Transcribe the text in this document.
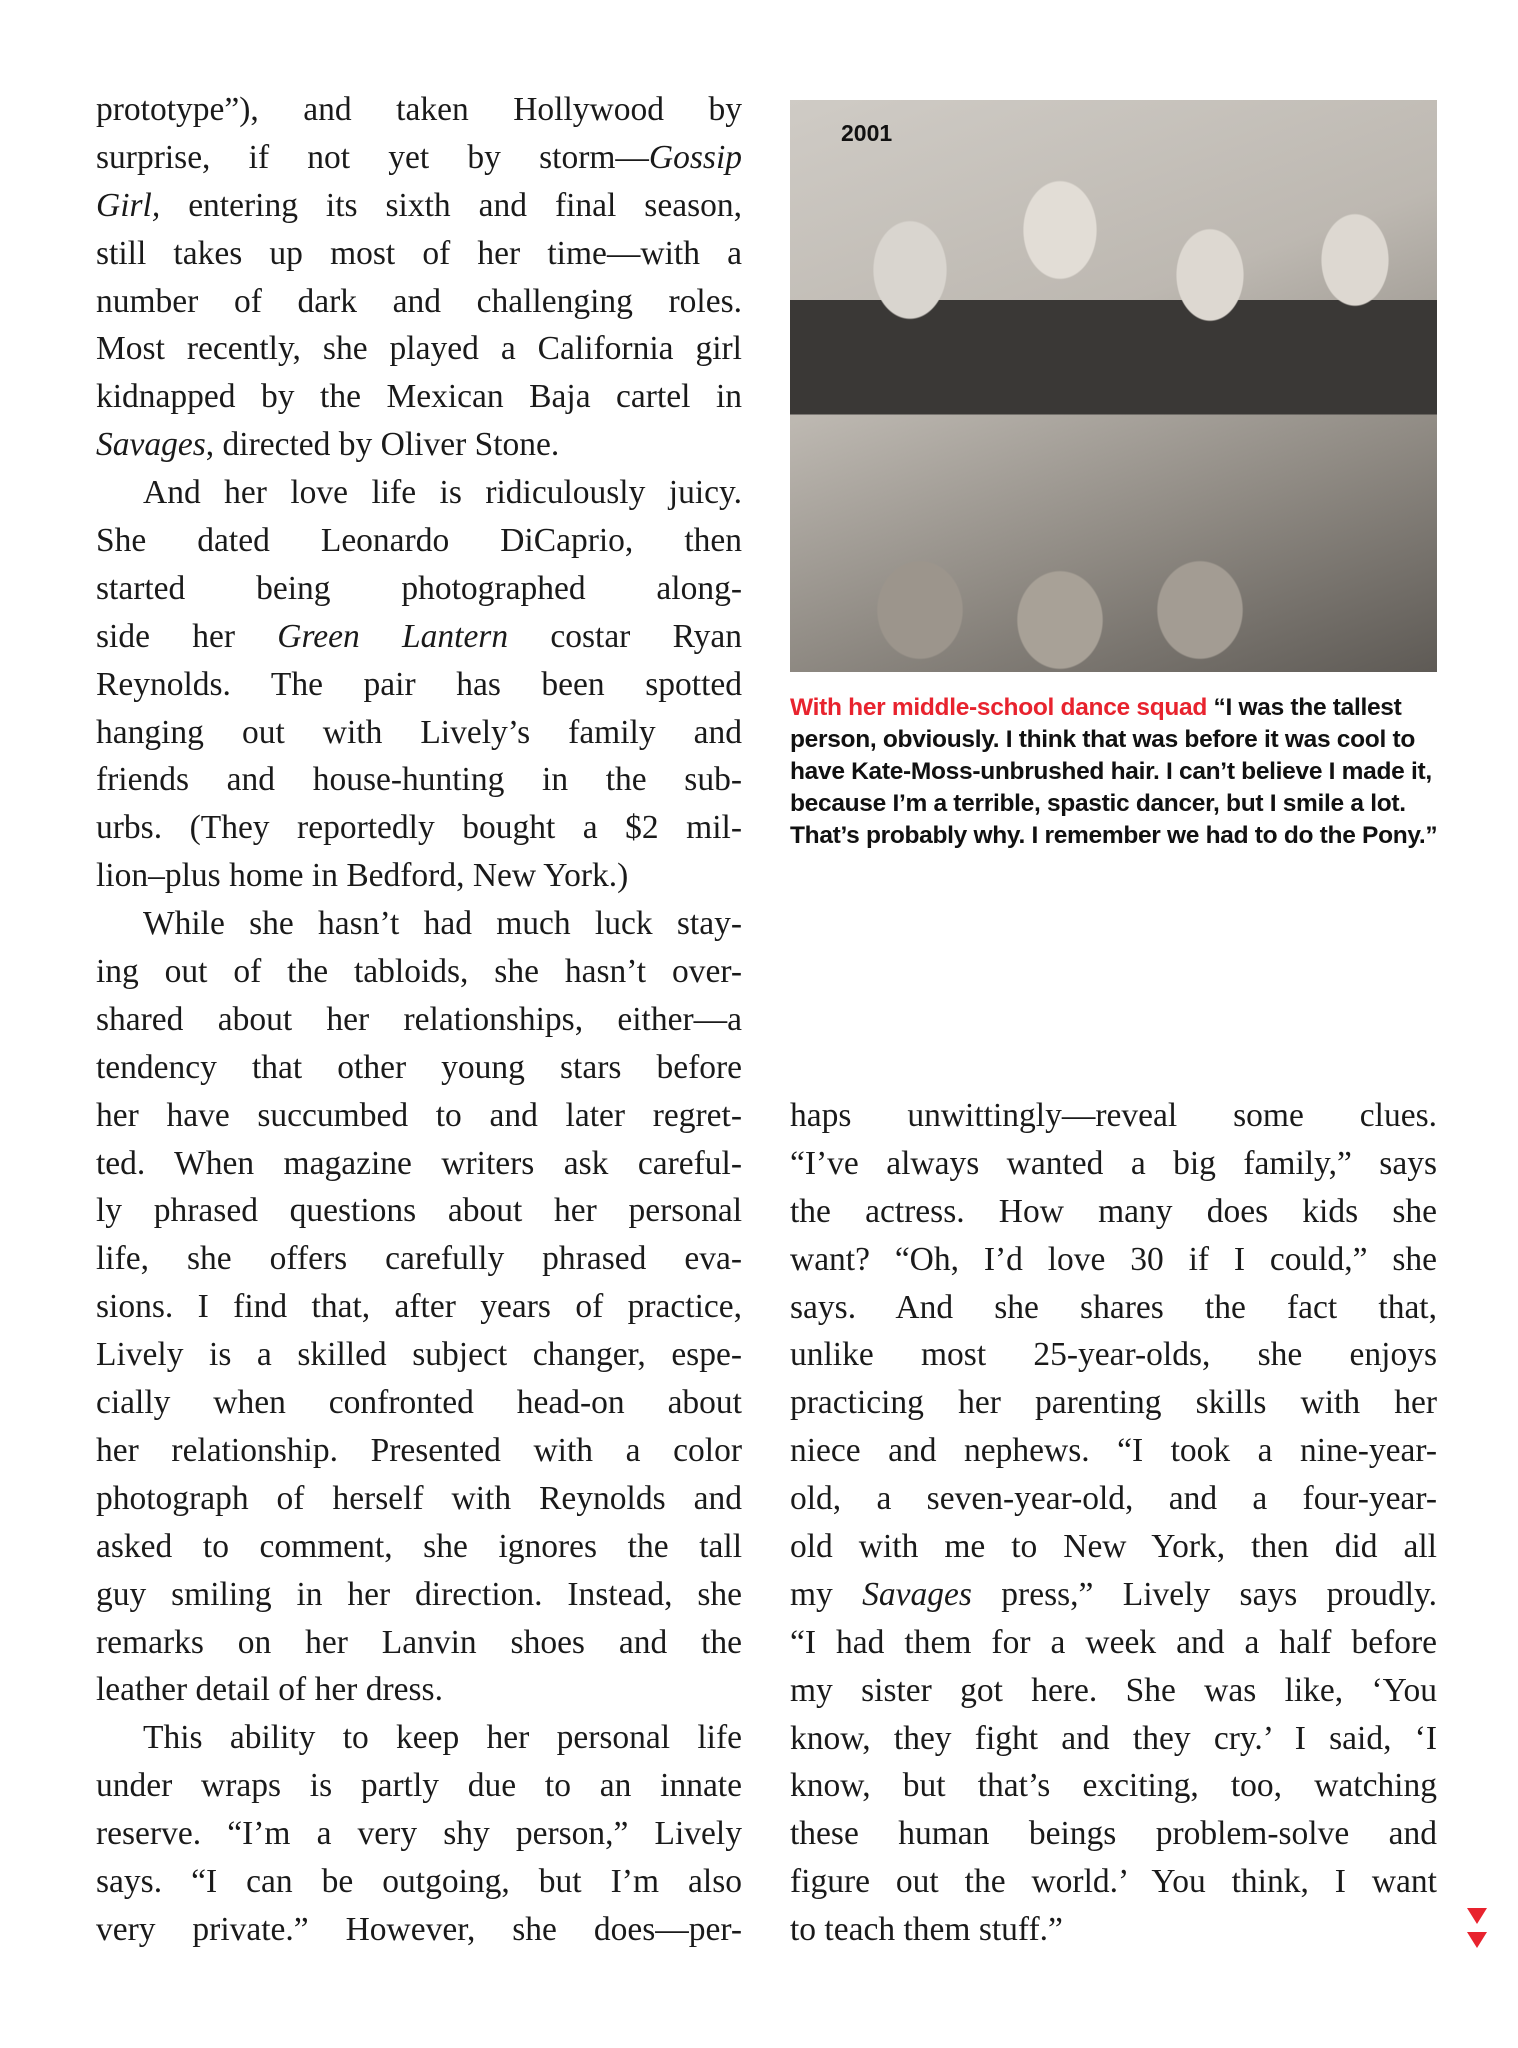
prototype”), and taken Hollywood by
surprise, if not yet by storm—Gossip
Girl, entering its sixth and final season,
still takes up most of her time—with a
number of dark and challenging roles.
Most recently, she played a California girl
kidnapped by the Mexican Baja cartel in
Savages, directed by Oliver Stone.
And her love life is ridiculously juicy.
She dated Leonardo DiCaprio, then
started being photographed along-
side her Green Lantern costar Ryan
Reynolds. The pair has been spotted
hanging out with Lively’s family and
friends and house-hunting in the sub-
urbs. (They reportedly bought a $2 mil-
lion–plus home in Bedford, New York.)
While she hasn’t had much luck stay-
ing out of the tabloids, she hasn’t over-
shared about her relationships, either—a
tendency that other young stars before
her have succumbed to and later regret-
ted. When magazine writers ask careful-
ly phrased questions about her personal
life, she offers carefully phrased eva-
sions. I find that, after years of practice,
Lively is a skilled subject changer, espe-
cially when confronted head-on about
her relationship. Presented with a color
photograph of herself with Reynolds and
asked to comment, she ignores the tall
guy smiling in her direction. Instead, she
remarks on her Lanvin shoes and the
leather detail of her dress.
This ability to keep her personal life
under wraps is partly due to an innate
reserve. “I’m a very shy person,” Lively
says. “I can be outgoing, but I’m also
very private.” However, she does—per-
2001
With her middle-school dance squad “I was the tallest person, obviously. I think that was before it was cool to have Kate-Moss-unbrushed hair. I can’t believe I made it, because I’m a terrible, spastic dancer, but I smile a lot. That’s probably why. I remember we had to do the Pony.”
haps unwittingly—reveal some clues.
“I’ve always wanted a big family,” says
the actress. How many does kids she
want? “Oh, I’d love 30 if I could,” she
says. And she shares the fact that,
unlike most 25-year-olds, she enjoys
practicing her parenting skills with her
niece and nephews. “I took a nine-year-
old, a seven-year-old, and a four-year-
old with me to New York, then did all
my Savages press,” Lively says proudly.
“I had them for a week and a half before
my sister got here. She was like, ‘You
know, they fight and they cry.’ I said, ‘I
know, but that’s exciting, too, watching
these human beings problem-solve and
figure out the world.’ You think, I want
to teach them stuff.”
